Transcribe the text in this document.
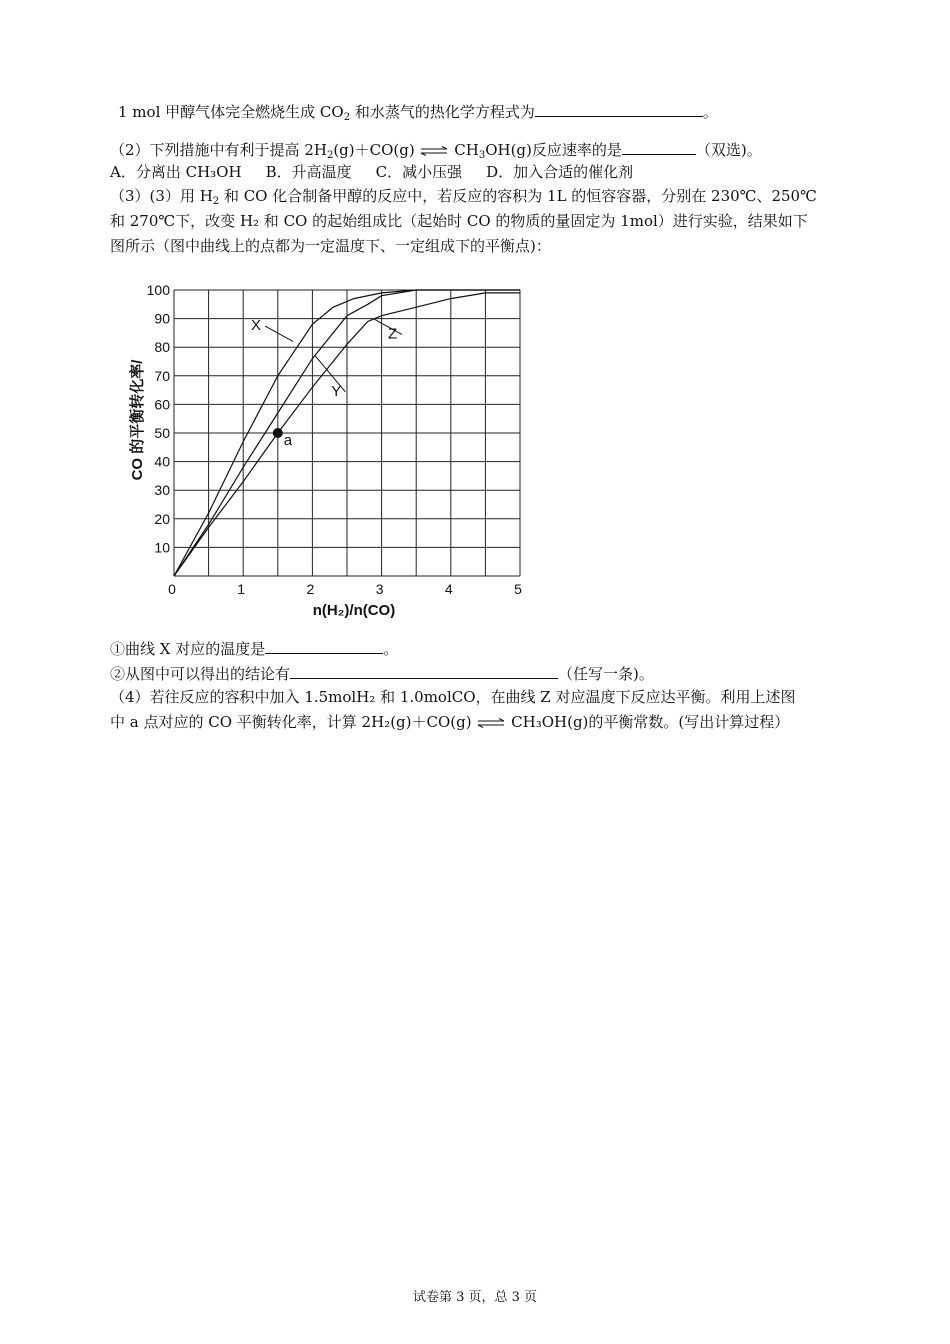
1 mol 甲醇气体完全燃烧生成 $CO_2$ 和水蒸气的热化学方程式为	。
（2）下列措施中有利于提高 $2H_2(g)+CO(g)$ ⇌ $CH_3OH(g)$反应速率的是	（双选)。
A．分离出 CH₃OH B．升高温度 C．减小压强 D．加入合适的催化剂
（3）(3）用 $H_2$ 和 CO 化合制备甲醇的反应中，若反应的容积为 1L 的恒容容器，分别在 230℃、250℃
和 270℃下，改变 H₂ 和 CO 的起始组成比（起始时 CO 的物质的量固定为 1mol）进行实验，结果如下
图所示（图中曲线上的点都为一定温度下、一定组成下的平衡点)：
X
Y
Z
a
0	1	2	3	4	5
10
20
30
40
50
60
70
80
90
100
CO 的平衡转化率/
n(H₂)/n(CO)
①曲线 X 对应的温度是	。
②从图中可以得出的结论有	（任写一条)。
（4）若往反应的容积中加入 1.5molH₂ 和 1.0molCO，在曲线 Z 对应温度下反应达平衡。利用上述图
中 a 点对应的 CO 平衡转化率，计算 2H₂(g)＋CO(g) ⇌ CH₃OH(g)的平衡常数。(写出计算过程）
试卷第 3 页，总 3 页
